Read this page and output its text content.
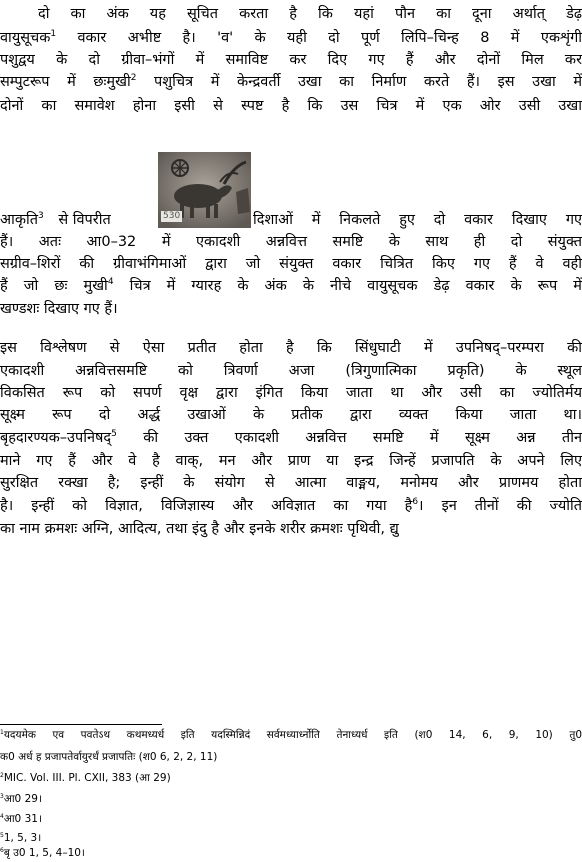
दो का अंक यह सूचित करता है कि यहां पौन का दूना अर्थात् डेढ़
वायुसूचक$^1$ वकार अभीष्ट है। 'व' के यही दो पूर्ण लिपि–चिन्ह 8 में एकशृंगी
पशुद्वय के दो ग्रीवा–भंगों में समाविष्ट कर दिए गए हैं और दोनों मिल कर
सम्पुटरूप में छःमुखी$^2$ पशुचित्र में केन्द्रवर्ती उखा का निर्माण करते हैं। इस उखा में
दोनों का समावेश होना इसी से स्पष्ट है कि उस चित्र में एक ओर उसी उखा
530
आकृति$^3$ से विपरीत	दिशाओं में निकलते हुए दो वकार दिखाए गए
हैं। अतः आ0–32 में एकादशी अन्नवित्त समष्टि के साथ ही दो संयुक्त
सग्रीव–शिरों की ग्रीवाभंगिमाओं द्वारा जो संयुक्त वकार चित्रित किए गए हैं वे वही
हैं जो छः मुखी$^4$ चित्र में ग्यारह के अंक के नीचे वायुसूचक डेढ़ वकार के रूप में
खण्डशः दिखाए गए हैं।
इस विश्लेषण से ऐसा प्रतीत होता है कि सिंधुघाटी में उपनिषद्–परम्परा की
एकादशी अन्नवित्तसमष्टि को त्रिवर्णा अजा (त्रिगुणात्मिका प्रकृति) के स्थूल
विकसित रूप को सपर्ण वृक्ष द्वारा इंगित किया जाता था और उसी का ज्योतिर्मय
सूक्ष्म रूप दो अर्द्ध उखाओं के प्रतीक द्वारा व्यक्त किया जाता था।
बृहदारण्यक–उपनिषद्$^5$ की उक्त एकादशी अन्नवित्त समष्टि में सूक्ष्म अन्न तीन
माने गए हैं और वे है वाक्, मन और प्राण या इन्द्र जिन्हें प्रजापति के अपने लिए
सुरक्षित रक्खा है; इन्हीं के संयोग से आत्मा वाङ्मय, मनोमय और प्राणमय होता
है। इन्हीं को विज्ञात, विजिज्ञास्य और अविज्ञात का गया है$^6$। इन तीनों की ज्योति
का नाम क्रमशः अग्नि, आदित्य, तथा इंदु है और इनके शरीर क्रमशः पृथिवी, द्यु
$^1$यदयमेक एव पवतेऽथ कथमध्यर्ध इति यदस्मिन्निदं सर्वमध्यार्ध्नोति तेनाध्यर्ध इति (श0 14, 6, 9, 10) तु0
क0 अर्ध ह प्रजापतेर्वायुरर्धं प्रजापतिः (श0 6, 2, 2, 11)
$^2$MIC. Vol. III. Pl. CXII, 383 (आ 29)
$^3$आ0 29।
$^4$आ0 31।
$^5$1, 5, 3।
$^6$बृ उ0 1, 5, 4–10।
